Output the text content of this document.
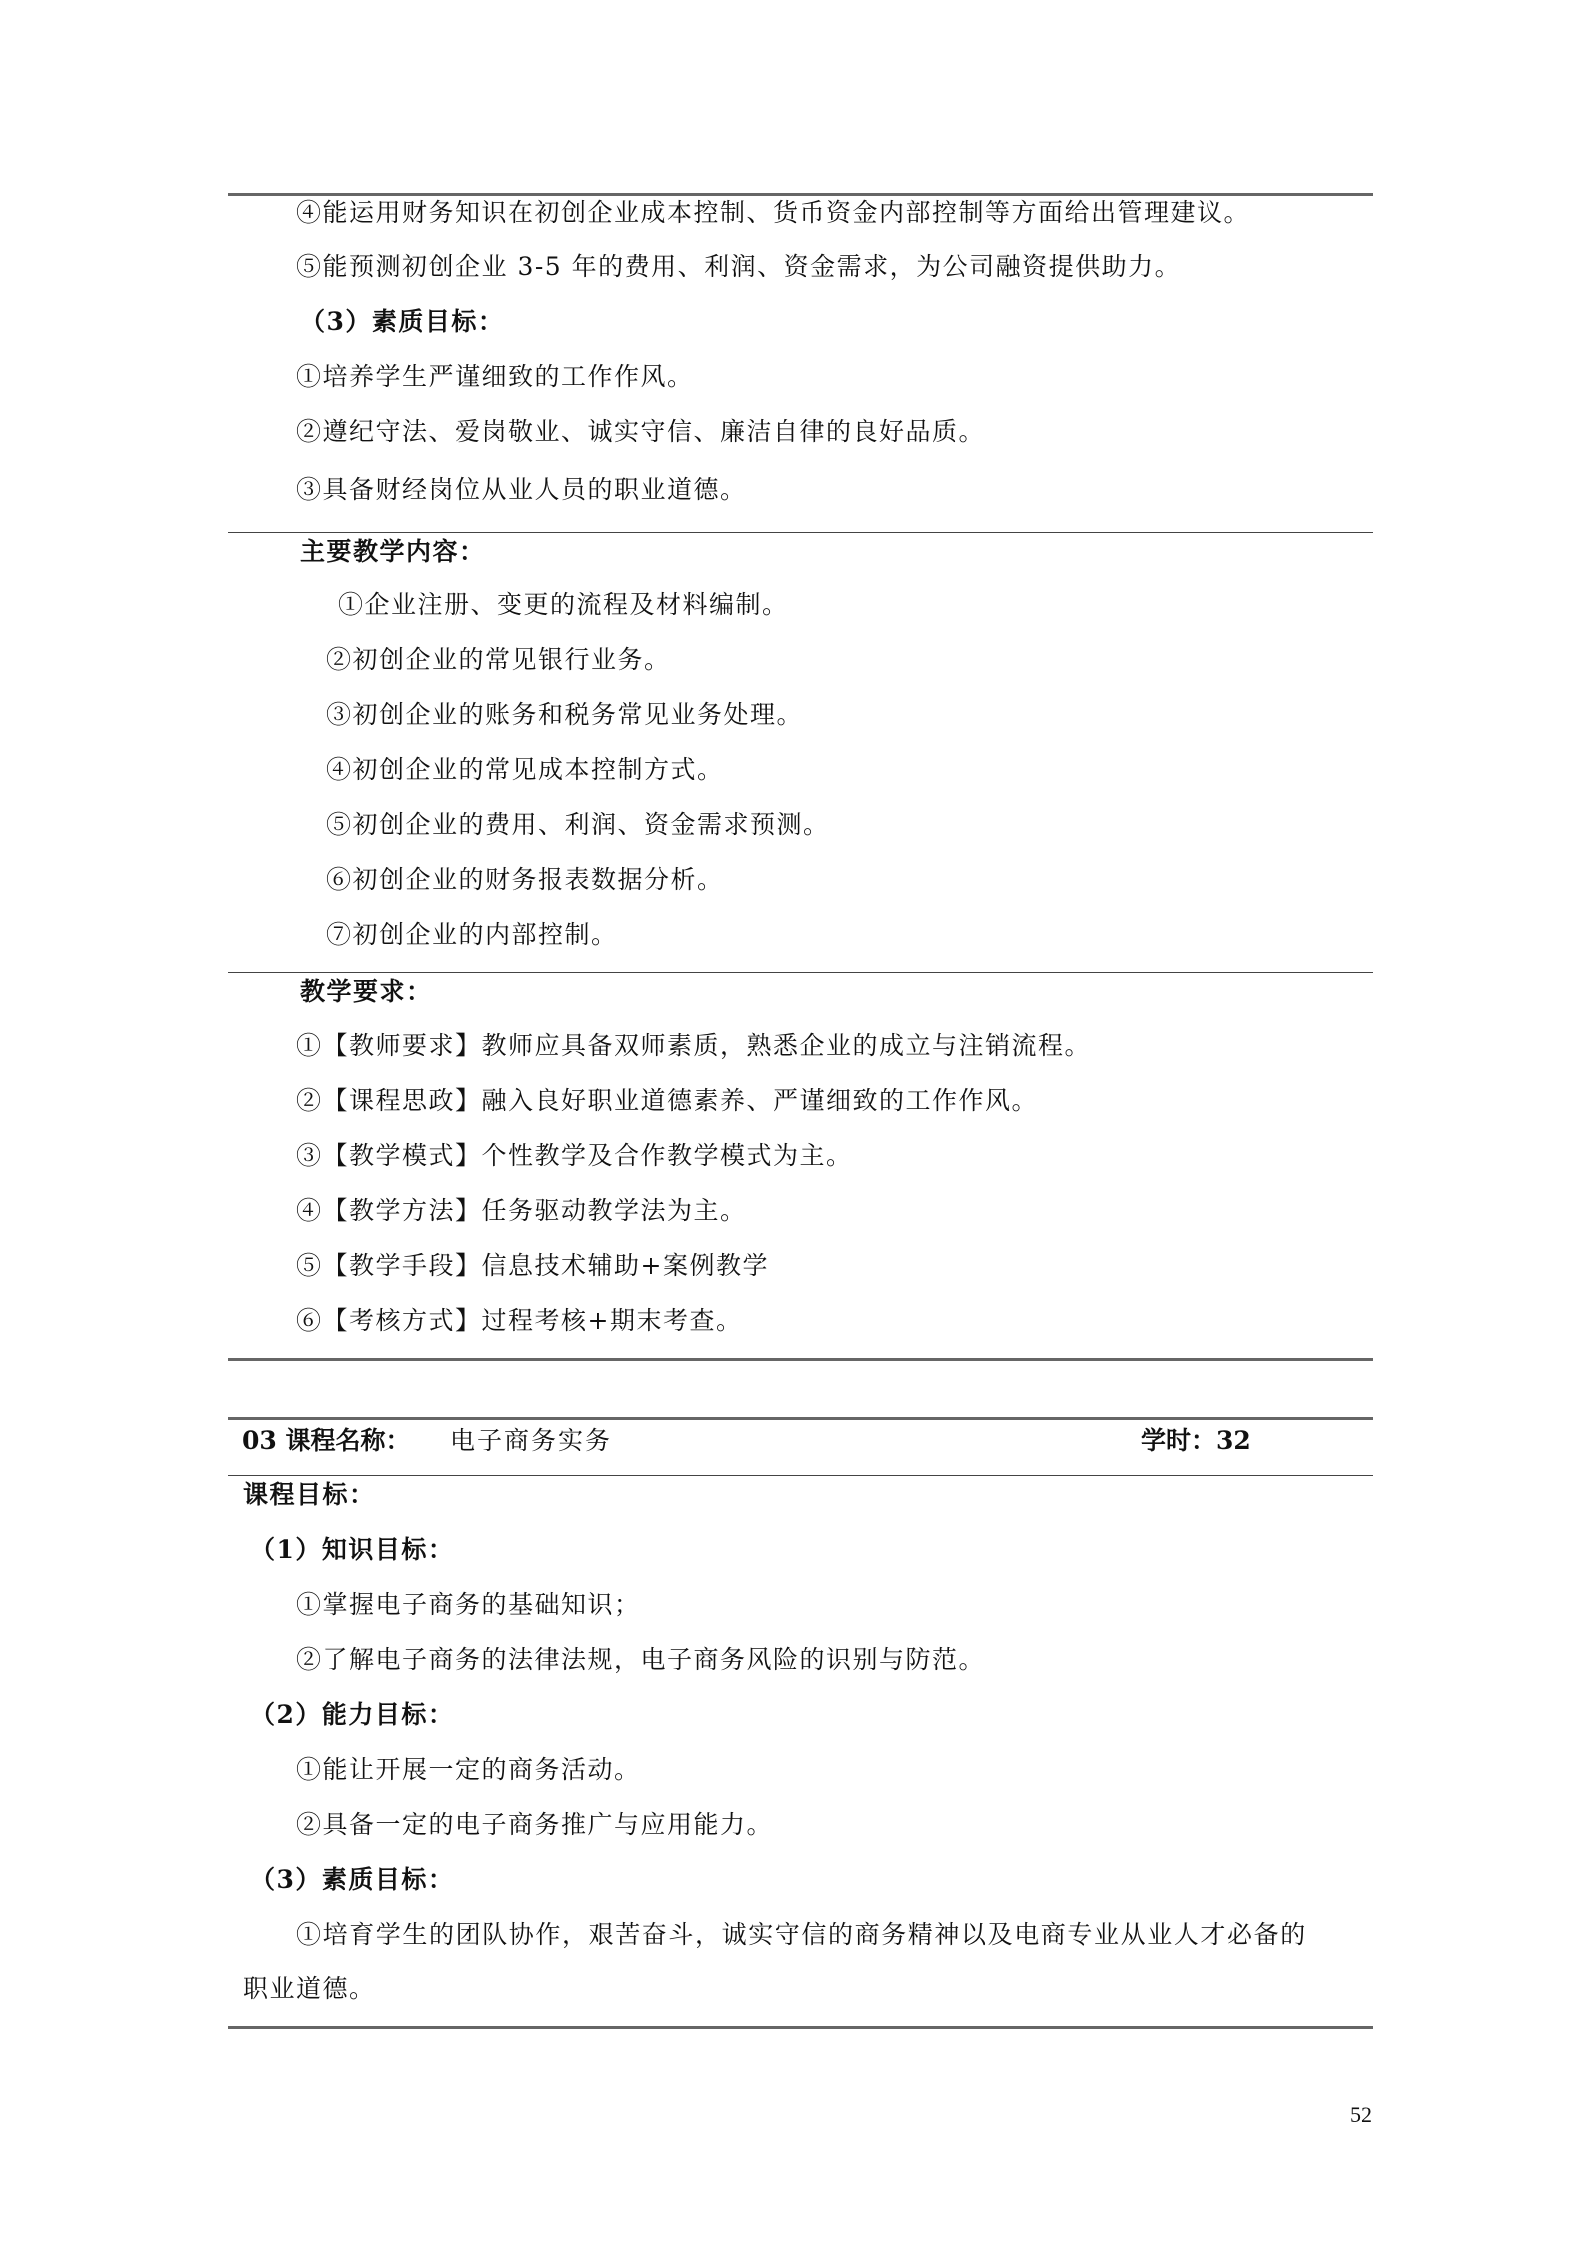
④能运用财务知识在初创企业成本控制、货币资金内部控制等方面给出管理建议。
⑤能预测初创企业 3-5 年的费用、利润、资金需求，为公司融资提供助力。
（3）素质目标：
①培养学生严谨细致的工作作风。
②遵纪守法、爱岗敬业、诚实守信、廉洁自律的良好品质。
③具备财经岗位从业人员的职业道德。
主要教学内容：
①企业注册、变更的流程及材料编制。
②初创企业的常见银行业务。
③初创企业的账务和税务常见业务处理。
④初创企业的常见成本控制方式。
⑤初创企业的费用、利润、资金需求预测。
⑥初创企业的财务报表数据分析。
⑦初创企业的内部控制。
教学要求：
①【教师要求】教师应具备双师素质，熟悉企业的成立与注销流程。
②【课程思政】融入良好职业道德素养、严谨细致的工作作风。
③【教学模式】个性教学及合作教学模式为主。
④【教学方法】任务驱动教学法为主。
⑤【教学手段】信息技术辅助+案例教学
⑥【考核方式】过程考核+期末考查。
03 课程名称： 电子商务实务	学时：32
课程目标：
（1）知识目标：
①掌握电子商务的基础知识；
②了解电子商务的法律法规，电子商务风险的识别与防范。
（2）能力目标：
①能让开展一定的商务活动。
②具备一定的电子商务推广与应用能力。
（3）素质目标：
①培育学生的团队协作，艰苦奋斗，诚实守信的商务精神以及电商专业从业人才必备的
职业道德。
52
